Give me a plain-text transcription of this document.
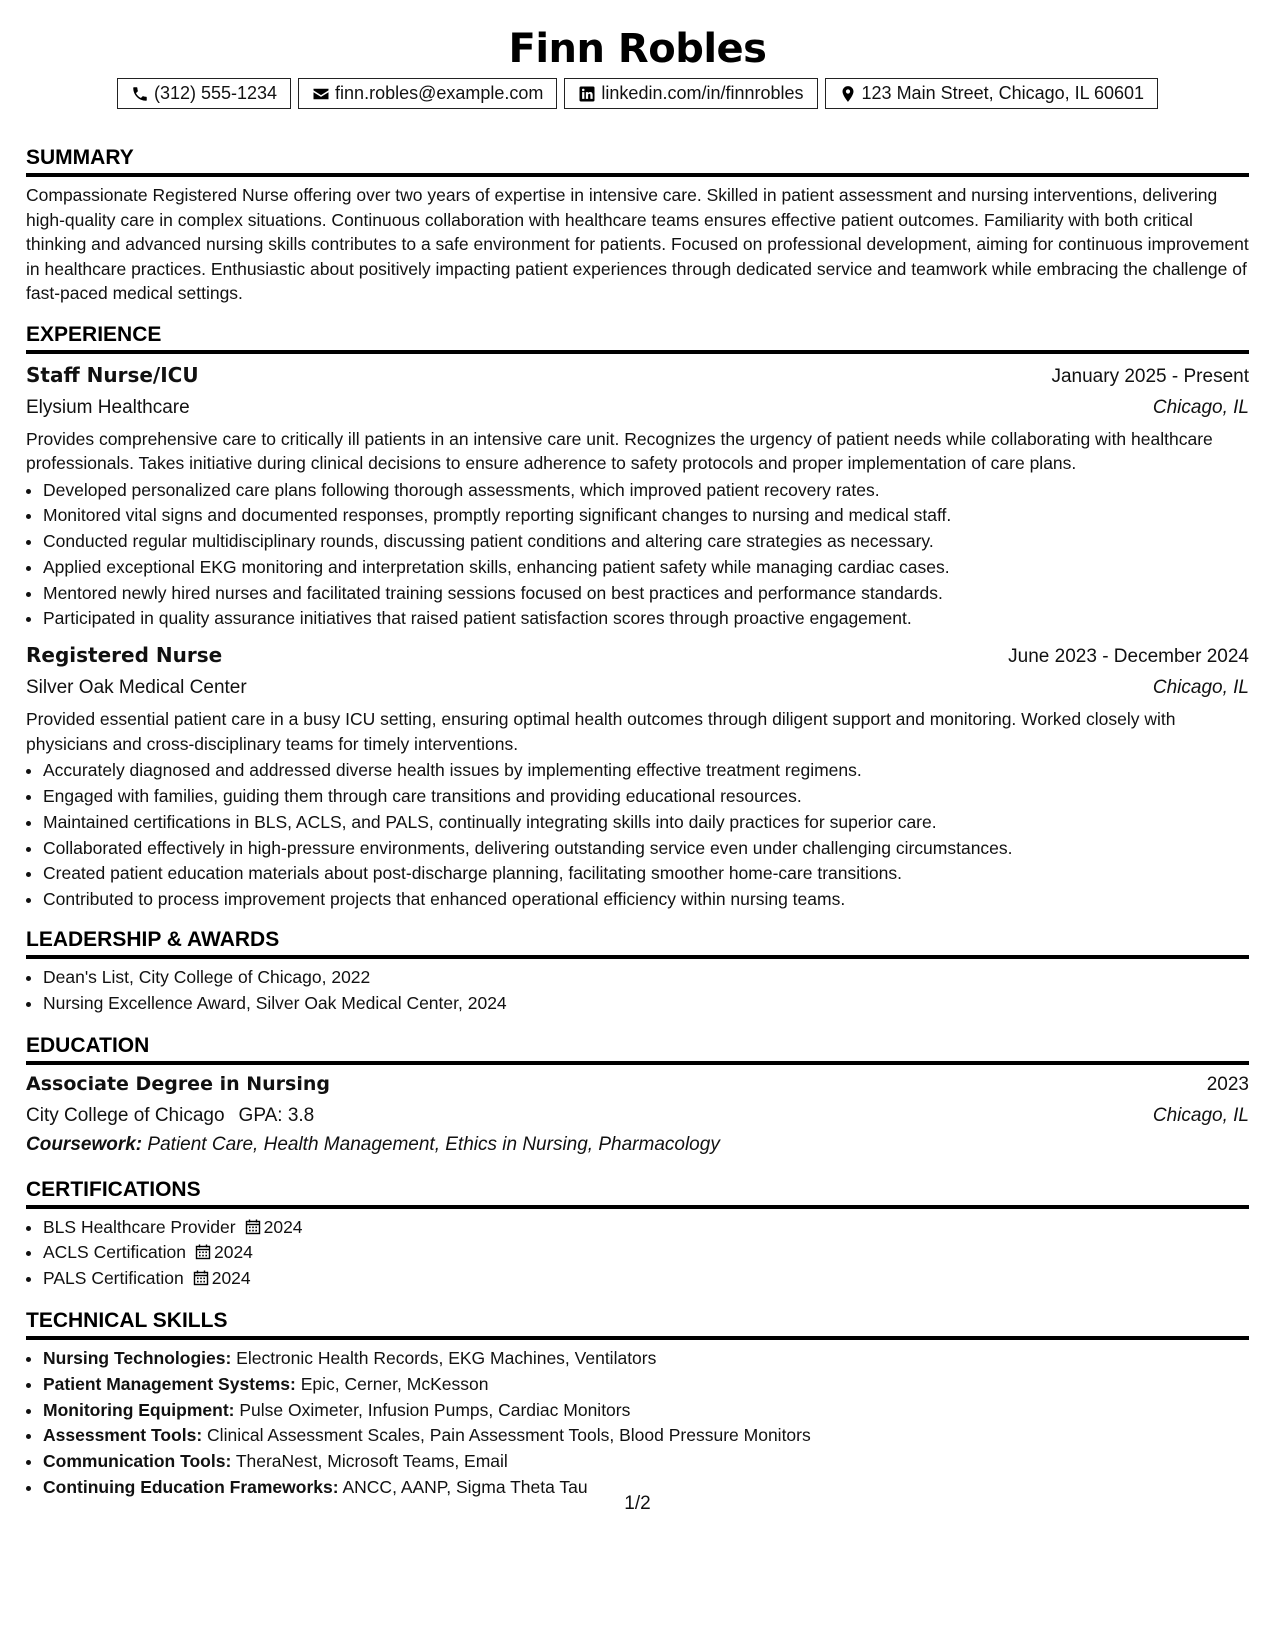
Finn Robles
(312) 555-1234	finn.robles@example.com	linkedin.com/in/finnrobles	123 Main Street, Chicago, IL 60601
SUMMARY

Compassionate Registered Nurse offering over two years of expertise in intensive care. Skilled in patient assessment and nursing interventions, delivering high-quality care in complex situations. Continuous collaboration with healthcare teams ensures effective patient outcomes. Familiarity with both critical thinking and advanced nursing skills contributes to a safe environment for patients. Focused on professional development, aiming for continuous improvement in healthcare practices. Enthusiastic about positively impacting patient experiences through dedicated service and teamwork while embracing the challenge of fast-paced medical settings.

EXPERIENCE
Staff Nurse/ICU	January 2025 - Present
Elysium Healthcare	Chicago, IL

Provides comprehensive care to critically ill patients in an intensive care unit. Recognizes the urgency of patient needs while collaborating with healthcare professionals. Takes initiative during clinical decisions to ensure adherence to safety protocols and proper implementation of care plans.

• Developed personalized care plans following thorough assessments, which improved patient recovery rates.
• Monitored vital signs and documented responses, promptly reporting significant changes to nursing and medical staff.
• Conducted regular multidisciplinary rounds, discussing patient conditions and altering care strategies as necessary.
• Applied exceptional EKG monitoring and interpretation skills, enhancing patient safety while managing cardiac cases.
• Mentored newly hired nurses and facilitated training sessions focused on best practices and performance standards.
• Participated in quality assurance initiatives that raised patient satisfaction scores through proactive engagement.
Registered Nurse	June 2023 - December 2024
Silver Oak Medical Center	Chicago, IL

Provided essential patient care in a busy ICU setting, ensuring optimal health outcomes through diligent support and monitoring. Worked closely with physicians and cross-disciplinary teams for timely interventions.

• Accurately diagnosed and addressed diverse health issues by implementing effective treatment regimens.
• Engaged with families, guiding them through care transitions and providing educational resources.
• Maintained certifications in BLS, ACLS, and PALS, continually integrating skills into daily practices for superior care.
• Collaborated effectively in high-pressure environments, delivering outstanding service even under challenging circumstances.
• Created patient education materials about post-discharge planning, facilitating smoother home-care transitions.
• Contributed to process improvement projects that enhanced operational efficiency within nursing teams.
LEADERSHIP & AWARDS
• Dean's List, City College of Chicago, 2022
• Nursing Excellence Award, Silver Oak Medical Center, 2024
EDUCATION
Associate Degree in Nursing	2023
City College of Chicago GPA: 3.8	Chicago, IL
Coursework: Patient Care, Health Management, Ethics in Nursing, Pharmacology
CERTIFICATIONS
• BLS Healthcare Provider 2024
• ACLS Certification 2024
• PALS Certification 2024
TECHNICAL SKILLS
• Nursing Technologies: Electronic Health Records, EKG Machines, Ventilators
• Patient Management Systems: Epic, Cerner, McKesson
• Monitoring Equipment: Pulse Oximeter, Infusion Pumps, Cardiac Monitors
• Assessment Tools: Clinical Assessment Scales, Pain Assessment Tools, Blood Pressure Monitors
• Communication Tools: TheraNest, Microsoft Teams, Email
• Continuing Education Frameworks: ANCC, AANP, Sigma Theta Tau
1/2
